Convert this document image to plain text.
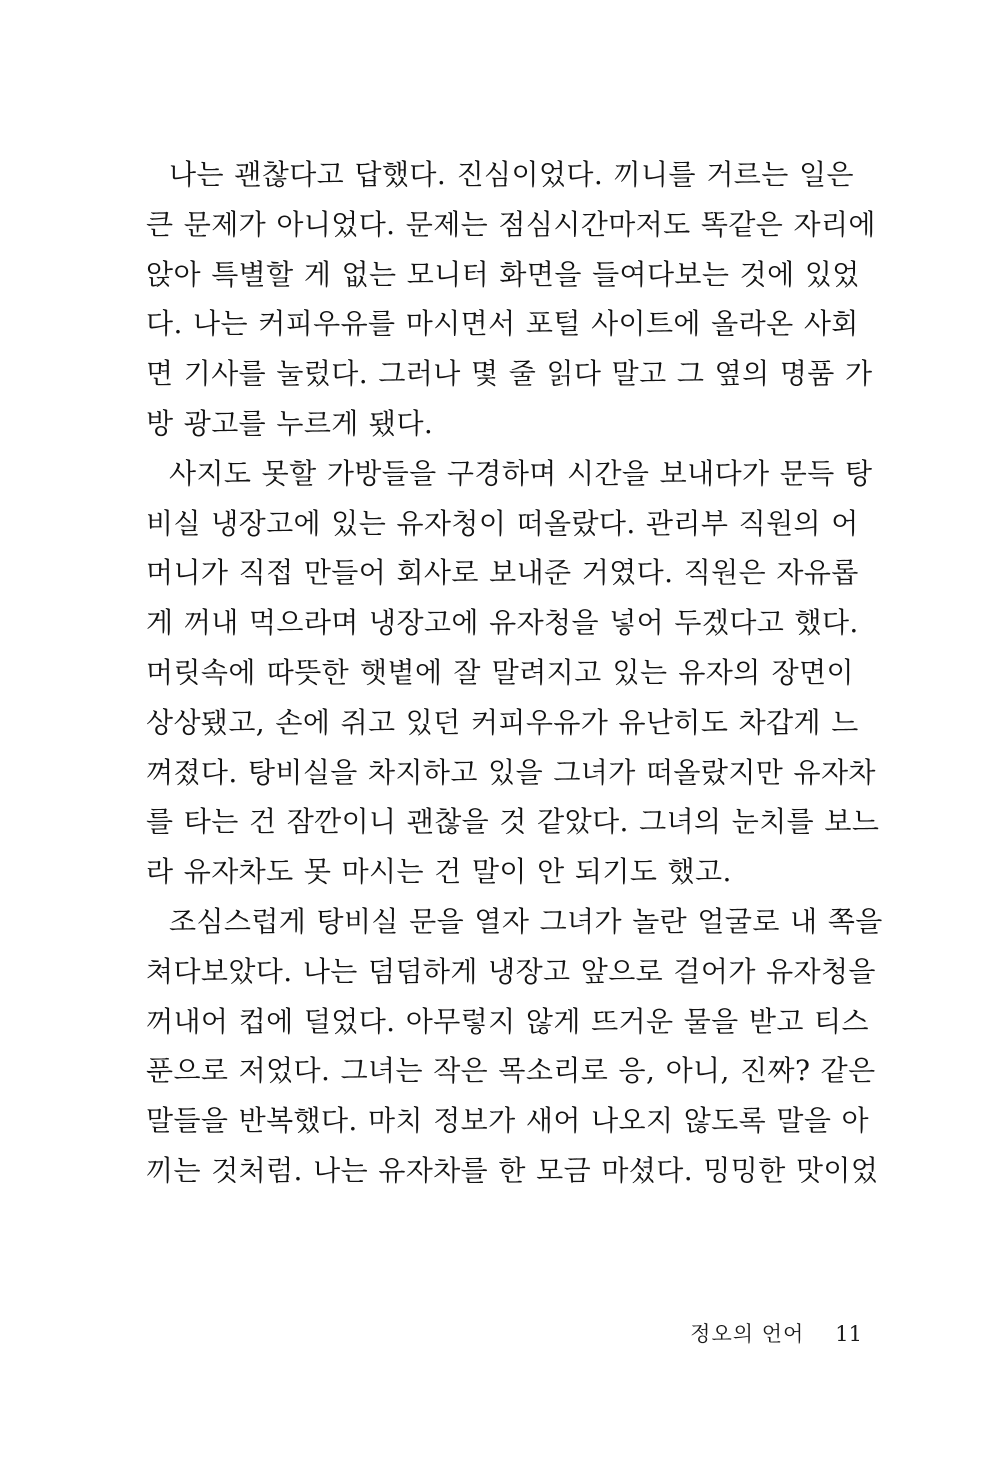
나는 괜찮다고 답했다. 진심이었다. 끼니를 거르는 일은
큰 문제가 아니었다. 문제는 점심시간마저도 똑같은 자리에
앉아 특별할 게 없는 모니터 화면을 들여다보는 것에 있었
다. 나는 커피우유를 마시면서 포털 사이트에 올라온 사회
면 기사를 눌렀다. 그러나 몇 줄 읽다 말고 그 옆의 명품 가
방 광고를 누르게 됐다.
사지도 못할 가방들을 구경하며 시간을 보내다가 문득 탕
비실 냉장고에 있는 유자청이 떠올랐다. 관리부 직원의 어
머니가 직접 만들어 회사로 보내준 거였다. 직원은 자유롭
게 꺼내 먹으라며 냉장고에 유자청을 넣어 두겠다고 했다.
머릿속에 따뜻한 햇볕에 잘 말려지고 있는 유자의 장면이
상상됐고, 손에 쥐고 있던 커피우유가 유난히도 차갑게 느
껴졌다. 탕비실을 차지하고 있을 그녀가 떠올랐지만 유자차
를 타는 건 잠깐이니 괜찮을 것 같았다. 그녀의 눈치를 보느
라 유자차도 못 마시는 건 말이 안 되기도 했고.
조심스럽게 탕비실 문을 열자 그녀가 놀란 얼굴로 내 쪽을
쳐다보았다. 나는 덤덤하게 냉장고 앞으로 걸어가 유자청을
꺼내어 컵에 덜었다. 아무렇지 않게 뜨거운 물을 받고 티스
푼으로 저었다. 그녀는 작은 목소리로 응, 아니, 진짜? 같은
말들을 반복했다. 마치 정보가 새어 나오지 않도록 말을 아
끼는 것처럼. 나는 유자차를 한 모금 마셨다. 밍밍한 맛이었
정오의 언어 11
